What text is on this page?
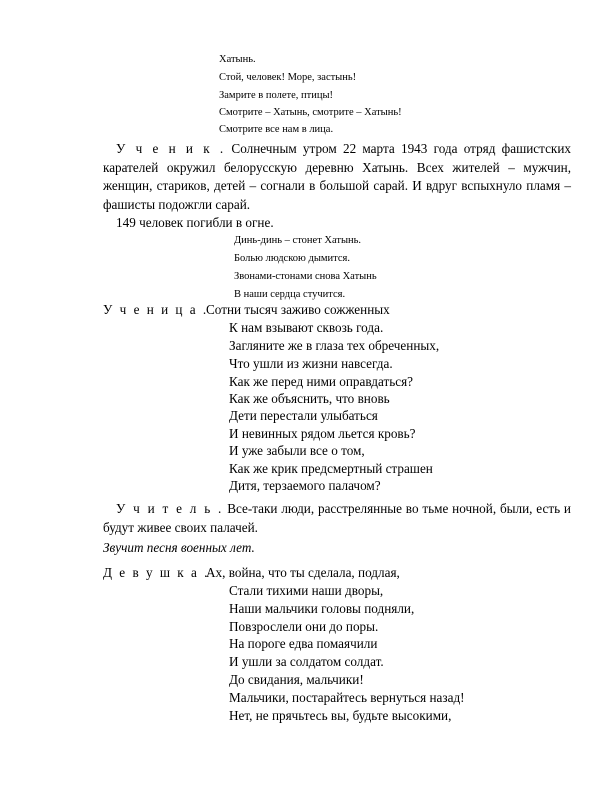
Хатынь.
Стой, человек! Море, застынь!
Замрите в полете, птицы!
Смотрите – Хатынь, смотрите – Хатынь!
Смотрите все нам в лица.

У ч е н и к . Солнечным утром 22 марта 1943 года отряд фашистских карателей окружил белорусскую деревню Хатынь. Всех жителей – мужчин, женщин, стариков, детей – согнали в большой сарай. И вдруг вспыхнуло пламя – фашисты подожгли сарай.

149 человек погибли в огне.

Динь-динь – стонет Хатынь.
Болью людскою дымится.
Звонами-стонами снова Хатынь
В наши сердца стучится.
У ч е н и ц а .
Сотни тысяч заживо сожженных
К нам взывают сквозь года.
Загляните же в глаза тех обреченных,
Что ушли из жизни навсегда.
Как же перед ними оправдаться?
Как же объяснить, что вновь
Дети перестали улыбаться
И невинных рядом льется кровь?
И уже забыли все о том,
Как же крик предсмертный страшен
Дитя, терзаемого палачом?

У ч и т е л ь . Все-таки люди, расстрелянные во тьме ночной, были, есть и будут живее своих палачей.

Звучит песня военных лет.
Д е в у ш к а .
Ах, война, что ты сделала, подлая,
Стали тихими наши дворы,
Наши мальчики головы подняли,
Повзрослели они до поры.
На пороге едва помаячили
И ушли за солдатом солдат.
До свидания, мальчики!
Мальчики, постарайтесь вернуться назад!
Нет, не прячьтесь вы, будьте высокими,
